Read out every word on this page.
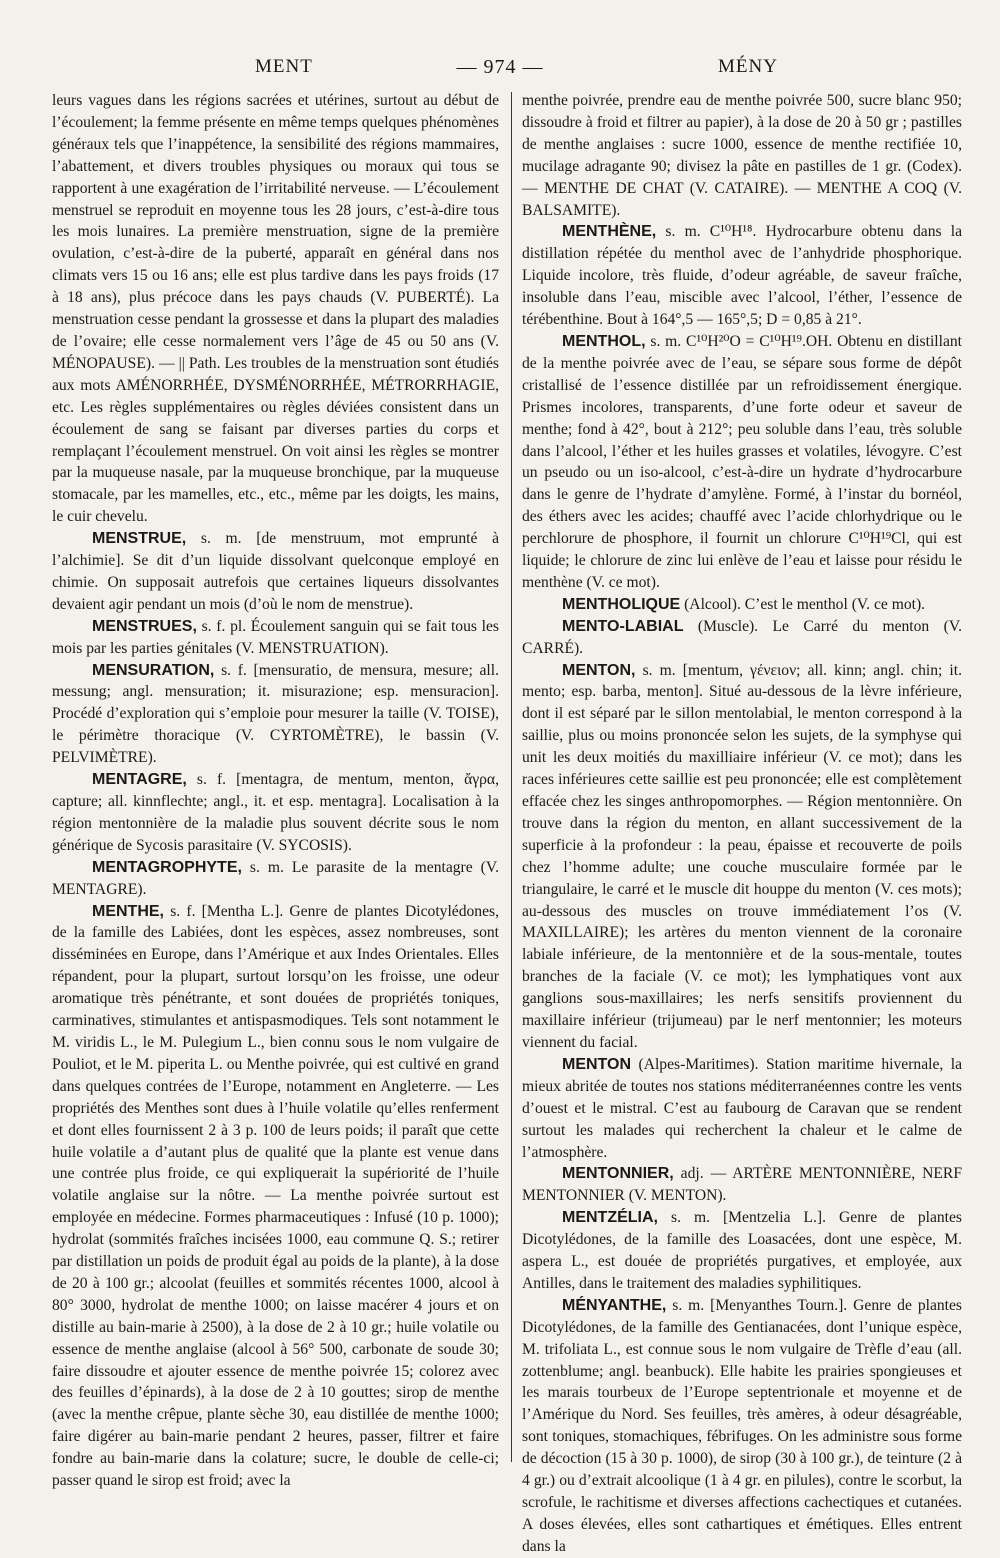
MENT	— 974 —	MÉNY

leurs vagues dans les régions sacrées et utérines, surtout au début de l’écoulement; la femme présente en même temps quelques phénomènes généraux tels que l’inappétence, la sensibilité des régions mammaires, l’abattement, et divers troubles physiques ou moraux qui tous se rapportent à une exagération de l’irritabilité nerveuse. — L’écoulement menstruel se reproduit en moyenne tous les 28 jours, c’est-à-dire tous les mois lunaires. La première menstruation, signe de la première ovulation, c’est-à-dire de la puberté, apparaît en général dans nos climats vers 15 ou 16 ans; elle est plus tardive dans les pays froids (17 à 18 ans), plus précoce dans les pays chauds (V. PUBERTÉ). La menstruation cesse pendant la grossesse et dans la plupart des maladies de l’ovaire; elle cesse normalement vers l’âge de 45 ou 50 ans (V. MÉNOPAUSE). — || Path. Les troubles de la menstruation sont étudiés aux mots AMÉNORRHÉE, DYSMÉNORRHÉE, MÉTRORRHAGIE, etc. Les règles supplémentaires ou règles déviées consistent dans un écoulement de sang se faisant par diverses parties du corps et remplaçant l’écoulement menstruel. On voit ainsi les règles se montrer par la muqueuse nasale, par la muqueuse bronchique, par la muqueuse stomacale, par les mamelles, etc., etc., même par les doigts, les mains, le cuir chevelu.

MENSTRUE, s. m. [de menstruum, mot emprunté à l’alchimie]. Se dit d’un liquide dissolvant quelconque employé en chimie. On supposait autrefois que certaines liqueurs dissolvantes devaient agir pendant un mois (d’où le nom de menstrue).

MENSTRUES, s. f. pl. Écoulement sanguin qui se fait tous les mois par les parties génitales (V. MENSTRUATION).

MENSURATION, s. f. [mensuratio, de mensura, mesure; all. messung; angl. mensuration; it. misurazione; esp. mensuracion]. Procédé d’exploration qui s’emploie pour mesurer la taille (V. TOISE), le périmètre thoracique (V. CYRTOMÈTRE), le bassin (V. PELVIMÈTRE).

MENTAGRE, s. f. [mentagra, de mentum, menton, ἄγρα, capture; all. kinnflechte; angl., it. et esp. mentagra]. Localisation à la région mentonnière de la maladie plus souvent décrite sous le nom générique de Sycosis parasitaire (V. SYCOSIS).

MENTAGROPHYTE, s. m. Le parasite de la mentagre (V. MENTAGRE).

MENTHE, s. f. [Mentha L.]. Genre de plantes Dicotylédones, de la famille des Labiées, dont les espèces, assez nombreuses, sont disséminées en Europe, dans l’Amérique et aux Indes Orientales. Elles répandent, pour la plupart, surtout lorsqu’on les froisse, une odeur aromatique très pénétrante, et sont douées de propriétés toniques, carminatives, stimulantes et antispasmodiques. Tels sont notamment le M. viridis L., le M. Pulegium L., bien connu sous le nom vulgaire de Pouliot, et le M. piperita L. ou Menthe poivrée, qui est cultivé en grand dans quelques contrées de l’Europe, notamment en Angleterre. — Les propriétés des Menthes sont dues à l’huile volatile qu’elles renferment et dont elles fournissent 2 à 3 p. 100 de leurs poids; il paraît que cette huile volatile a d’autant plus de qualité que la plante est venue dans une contrée plus froide, ce qui expliquerait la supériorité de l’huile volatile anglaise sur la nôtre. — La menthe poivrée surtout est employée en médecine. Formes pharmaceutiques : Infusé (10 p. 1000); hydrolat (sommités fraîches incisées 1000, eau commune Q. S.; retirer par distillation un poids de produit égal au poids de la plante), à la dose de 20 à 100 gr.; alcoolat (feuilles et sommités récentes 1000, alcool à 80° 3000, hydrolat de menthe 1000; on laisse macérer 4 jours et on distille au bain-marie à 2500), à la dose de 2 à 10 gr.; huile volatile ou essence de menthe anglaise (alcool à 56° 500, carbonate de soude 30; faire dissoudre et ajouter essence de menthe poivrée 15; colorez avec des feuilles d’épinards), à la dose de 2 à 10 gouttes; sirop de menthe (avec la menthe crêpue, plante sèche 30, eau distillée de menthe 1000; faire digérer au bain-marie pendant 2 heures, passer, filtrer et faire fondre au bain-marie dans la colature; sucre, le double de celle-ci; passer quand le sirop est froid; avec la

menthe poivrée, prendre eau de menthe poivrée 500, sucre blanc 950; dissoudre à froid et filtrer au papier), à la dose de 20 à 50 gr ; pastilles de menthe anglaises : sucre 1000, essence de menthe rectifiée 10, mucilage adragante 90; divisez la pâte en pastilles de 1 gr. (Codex). — MENTHE DE CHAT (V. CATAIRE). — MENTHE A COQ (V. BALSAMITE).

MENTHÈNE, s. m. C¹⁰H¹⁸. Hydrocarbure obtenu dans la distillation répétée du menthol avec de l’anhydride phosphorique. Liquide incolore, très fluide, d’odeur agréable, de saveur fraîche, insoluble dans l’eau, miscible avec l’alcool, l’éther, l’essence de térébenthine. Bout à 164°,5 — 165°,5; D = 0,85 à 21°.

MENTHOL, s. m. C¹⁰H²⁰O = C¹⁰H¹⁹.OH. Obtenu en distillant de la menthe poivrée avec de l’eau, se sépare sous forme de dépôt cristallisé de l’essence distillée par un refroidissement énergique. Prismes incolores, transparents, d’une forte odeur et saveur de menthe; fond à 42°, bout à 212°; peu soluble dans l’eau, très soluble dans l’alcool, l’éther et les huiles grasses et volatiles, lévogyre. C’est un pseudo ou un iso-alcool, c’est-à-dire un hydrate d’hydrocarbure dans le genre de l’hydrate d’amylène. Formé, à l’instar du bornéol, des éthers avec les acides; chauffé avec l’acide chlorhydrique ou le perchlorure de phosphore, il fournit un chlorure C¹⁰H¹⁹Cl, qui est liquide; le chlorure de zinc lui enlève de l’eau et laisse pour résidu le menthène (V. ce mot).

MENTHOLIQUE (Alcool). C’est le menthol (V. ce mot).

MENTO-LABIAL (Muscle). Le Carré du menton (V. CARRÉ).

MENTON, s. m. [mentum, γένειον; all. kinn; angl. chin; it. mento; esp. barba, menton]. Situé au-dessous de la lèvre inférieure, dont il est séparé par le sillon mentolabial, le menton correspond à la saillie, plus ou moins prononcée selon les sujets, de la symphyse qui unit les deux moitiés du maxilliaire inférieur (V. ce mot); dans les races inférieures cette saillie est peu prononcée; elle est complètement effacée chez les singes anthropomorphes. — Région mentonnière. On trouve dans la région du menton, en allant successivement de la superficie à la profondeur : la peau, épaisse et recouverte de poils chez l’homme adulte; une couche musculaire formée par le triangulaire, le carré et le muscle dit houppe du menton (V. ces mots); au-dessous des muscles on trouve immédiatement l’os (V. MAXILLAIRE); les artères du menton viennent de la coronaire labiale inférieure, de la mentonnière et de la sous-mentale, toutes branches de la faciale (V. ce mot); les lymphatiques vont aux ganglions sous-maxillaires; les nerfs sensitifs proviennent du maxillaire inférieur (trijumeau) par le nerf mentonnier; les moteurs viennent du facial.

MENTON (Alpes-Maritimes). Station maritime hivernale, la mieux abritée de toutes nos stations méditerranéennes contre les vents d’ouest et le mistral. C’est au faubourg de Caravan que se rendent surtout les malades qui recherchent la chaleur et le calme de l’atmosphère.

MENTONNIER, adj. — ARTÈRE MENTONNIÈRE, NERF MENTONNIER (V. MENTON).

MENTZÉLIA, s. m. [Mentzelia L.]. Genre de plantes Dicotylédones, de la famille des Loasacées, dont une espèce, M. aspera L., est douée de propriétés purgatives, et employée, aux Antilles, dans le traitement des maladies syphilitiques.

MÉNYANTHE, s. m. [Menyanthes Tourn.]. Genre de plantes Dicotylédones, de la famille des Gentianacées, dont l’unique espèce, M. trifoliata L., est connue sous le nom vulgaire de Trèfle d’eau (all. zottenblume; angl. beanbuck). Elle habite les prairies spongieuses et les marais tourbeux de l’Europe septentrionale et moyenne et de l’Amérique du Nord. Ses feuilles, très amères, à odeur désagréable, sont toniques, stomachiques, fébrifuges. On les administre sous forme de décoction (15 à 30 p. 1000), de sirop (30 à 100 gr.), de teinture (2 à 4 gr.) ou d’extrait alcoolique (1 à 4 gr. en pilules), contre le scorbut, la scrofule, le rachitisme et diverses affections cachectiques et cutanées. A doses élevées, elles sont cathartiques et émétiques. Elles entrent dans la
